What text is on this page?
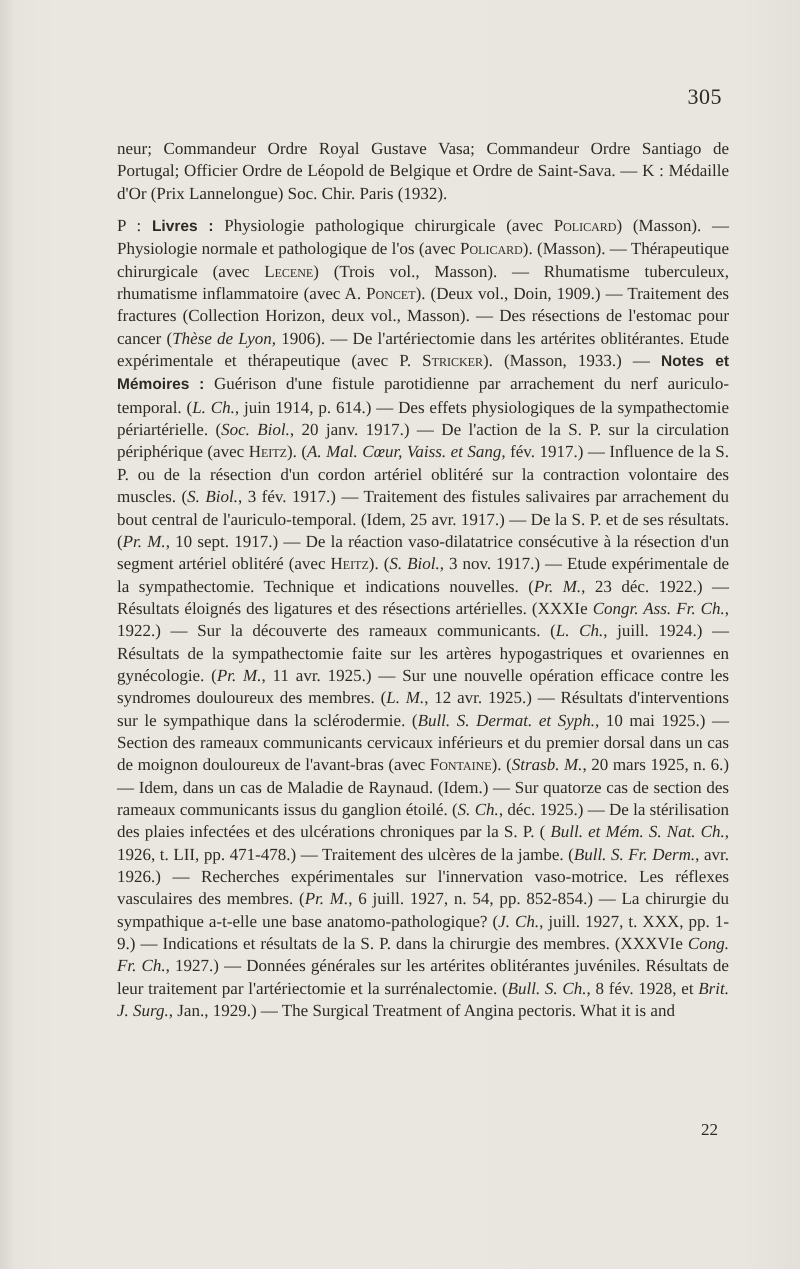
305

neur; Commandeur Ordre Royal Gustave Vasa; Commandeur Ordre Santiago de Portugal; Officier Ordre de Léopold de Belgique et Ordre de Saint-Sava. — K : Médaille d'Or (Prix Lannelongue) Soc. Chir. Paris (1932).

P : Livres : Physiologie pathologique chirurgicale (avec Policard) (Masson). — Physiologie normale et pathologique de l'os (avec Policard). (Masson). — Thérapeutique chirurgicale (avec Lecene) (Trois vol., Masson). — Rhumatisme tuberculeux, rhumatisme inflammatoire (avec A. Poncet). (Deux vol., Doin, 1909.) — Traitement des fractures (Collection Horizon, deux vol., Masson). — Des résections de l'estomac pour cancer (Thèse de Lyon, 1906). — De l'artériectomie dans les artérites oblitérantes. Etude expérimentale et thérapeutique (avec P. Stricker). (Masson, 1933.) — Notes et Mémoires : Guérison d'une fistule parotidienne par arrachement du nerf auriculo-temporal. (L. Ch., juin 1914, p. 614.) — Des effets physiologiques de la sympathectomie périartérielle. (Soc. Biol., 20 janv. 1917.) — De l'action de la S. P. sur la circulation périphérique (avec Heitz). (A. Mal. Cœur, Vaiss. et Sang, fév. 1917.) — Influence de la S. P. ou de la résection d'un cordon artériel oblitéré sur la contraction volontaire des muscles. (S. Biol., 3 fév. 1917.) — Traitement des fistules salivaires par arrachement du bout central de l'auriculo-temporal. (Idem, 25 avr. 1917.) — De la S. P. et de ses résultats. (Pr. M., 10 sept. 1917.) — De la réaction vaso-dilatatrice consécutive à la résection d'un segment artériel oblitéré (avec Heitz). (S. Biol., 3 nov. 1917.) — Etude expérimentale de la sympathectomie. Technique et indications nouvelles. (Pr. M., 23 déc. 1922.) — Résultats éloignés des ligatures et des résections artérielles. (XXXIe Congr. Ass. Fr. Ch., 1922.) — Sur la découverte des rameaux communicants. (L. Ch., juill. 1924.) — Résultats de la sympathectomie faite sur les artères hypogastriques et ovariennes en gynécologie. (Pr. M., 11 avr. 1925.) — Sur une nouvelle opération efficace contre les syndromes douloureux des membres. (L. M., 12 avr. 1925.) — Résultats d'interventions sur le sympathique dans la sclérodermie. (Bull. S. Dermat. et Syph., 10 mai 1925.) — Section des rameaux communicants cervicaux inférieurs et du premier dorsal dans un cas de moignon douloureux de l'avant-bras (avec Fontaine). (Strasb. M., 20 mars 1925, n. 6.) — Idem, dans un cas de Maladie de Raynaud. (Idem.) — Sur quatorze cas de section des rameaux communicants issus du ganglion étoilé. (S. Ch., déc. 1925.) — De la stérilisation des plaies infectées et des ulcérations chroniques par la S. P. ( Bull. et Mém. S. Nat. Ch., 1926, t. LII, pp. 471-478.) — Traitement des ulcères de la jambe. (Bull. S. Fr. Derm., avr. 1926.) — Recherches expérimentales sur l'innervation vaso-motrice. Les réflexes vasculaires des membres. (Pr. M., 6 juill. 1927, n. 54, pp. 852-854.) — La chirurgie du sympathique a-t-elle une base anatomo-pathologique? (J. Ch., juill. 1927, t. XXX, pp. 1-9.) — Indications et résultats de la S. P. dans la chirurgie des membres. (XXXVIe Cong. Fr. Ch., 1927.) — Données générales sur les artérites oblitérantes juvéniles. Résultats de leur traitement par l'artériectomie et la surrénalectomie. (Bull. S. Ch., 8 fév. 1928, et Brit. J. Surg., Jan., 1929.) — The Surgical Treatment of Angina pectoris. What it is and

22
